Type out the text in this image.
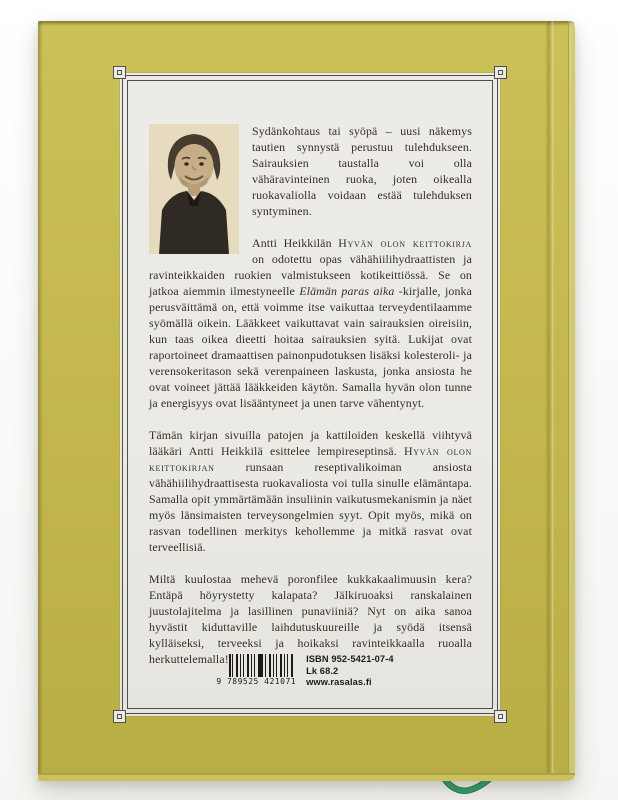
Sydänkohtaus tai syöpä – uusi näkemys tautien synnystä perustuu tulehdukseen. Sairauksien taustalla voi olla vähäravinteinen ruoka, joten oikealla ruokavaliolla voidaan estää tulehduksen syntyminen.

Antti Heikkilän Hyvän olon keittokirja on odotettu opas vähähiilihydraattisten ja ravinteikkaiden ruokien valmistukseen kotikeittiössä. Se on jatkoa aiemmin ilmestyneelle Elämän paras aika -kirjalle, jonka perusväittämä on, että voimme itse vaikuttaa terveydentilaamme syömällä oikein. Lääkkeet vaikuttavat vain sairauksien oireisiin, kun taas oikea dieetti hoitaa sairauksien syitä. Lukijat ovat raportoineet dramaattisen painonpudotuksen lisäksi kolesteroli- ja verensokeritason sekä verenpaineen laskusta, jonka ansiosta he ovat voineet jättää lääkkeiden käytön. Samalla hyvän olon tunne ja energisyys ovat lisääntyneet ja unen tarve vähentynyt.

Tämän kirjan sivuilla patojen ja kattiloiden keskellä viihtyvä lääkäri Antti Heikkilä esittelee lempireseptinsä. Hyvän olon keittokirjan runsaan reseptivalikoiman ansiosta vähähiilihydraattisesta ruokavaliosta voi tulla sinulle elämäntapa. Samalla opit ymmärtämään insuliinin vaikutusmekanismin ja näet myös länsimaisten terveysongelmien syyt. Opit myös, mikä on rasvan todellinen merkitys kehollemme ja mitkä rasvat ovat terveellisiä.

Miltä kuulostaa mehevä poronfilee kukkakaalimuusin kera? Entäpä höyrystetty kalapata? Jälkiruoaksi ranskalainen juustolajitelma ja lasillinen punaviiniä? Nyt on aika sanoa hyvästit kiduttaville laihdutuskuureille ja syödä itsensä kylläiseksi, terveeksi ja hoikaksi ravinteikkaalla ruoalla herkuttelemalla!

9 789525 421071
ISBN 952-5421-07-4
Lk 68.2
www.rasalas.fi
